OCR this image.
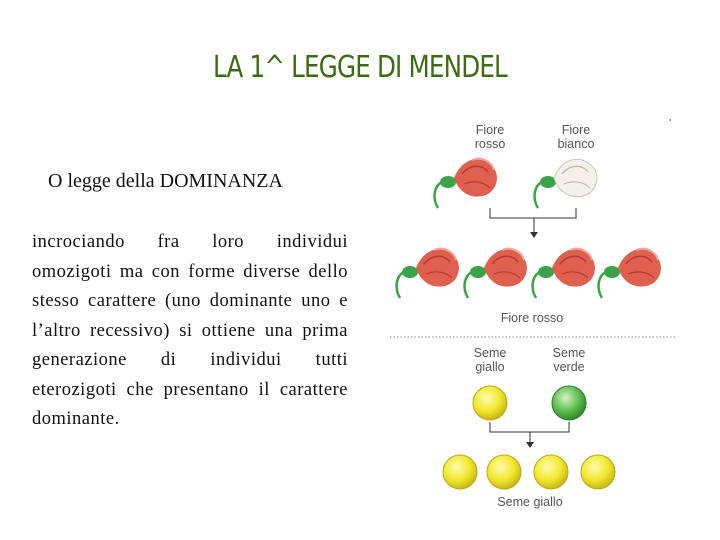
LA 1^ LEGGE DI MENDEL
O legge della DOMINANZA
incrociando fra loro individui omozigoti ma con forme diverse dello stesso carattere (uno dominante uno e l’altro recessivo) si ottiene una prima generazione di individui tutti eterozigoti che presentano il carattere dominante.
Fiore
rosso
Fiore
bianco
Fiore rosso
Seme
giallo
Seme
verde
Seme giallo
